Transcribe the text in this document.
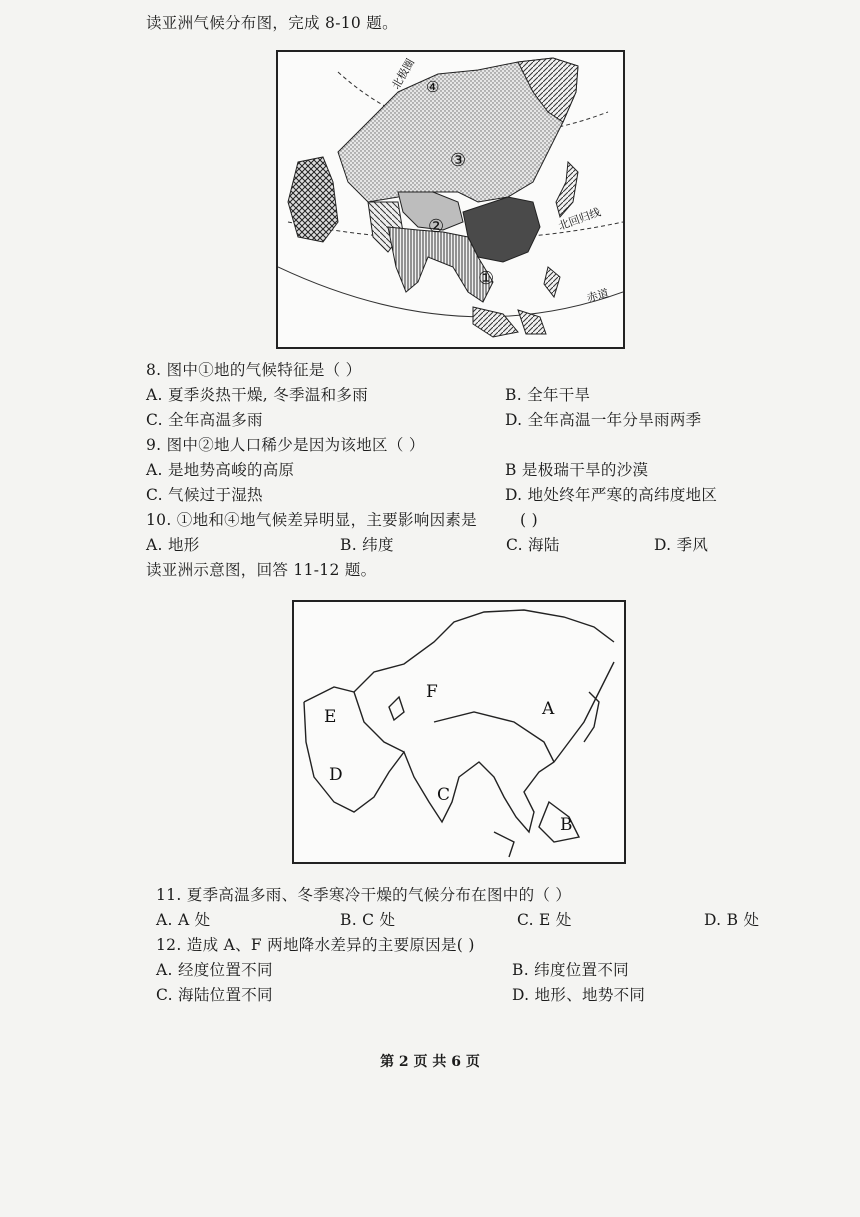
读亚洲气候分布图，完成 8-10 题。
北极圈
北回归线
赤道
①
②
③
④
8. 图中①地的气候特征是（ ）
A. 夏季炎热干燥, 冬季温和多雨	B. 全年干旱
C. 全年高温多雨	D. 全年高温一年分旱雨两季
9. 图中②地人口稀少是因为该地区（ ）
A. 是地势高峻的高原	B 是极瑞干旱的沙漠
C. 气候过于湿热	D. 地处终年严寒的高纬度地区
10. ①地和④地气候差异明显，主要影响因素是	( )
A. 地形	B. 纬度	C. 海陆	D. 季风
读亚洲示意图，回答 11-12 题。
A
B
C
D
E
F
11. 夏季高温多雨、冬季寒冷干燥的气候分布在图中的（ ）
A. A 处	B. C 处	C. E 处	D. B 处
12. 造成 A、F 两地降水差异的主要原因是( )
A. 经度位置不同	B. 纬度位置不同
C. 海陆位置不同	D. 地形、地势不同
第 2 页 共 6 页
